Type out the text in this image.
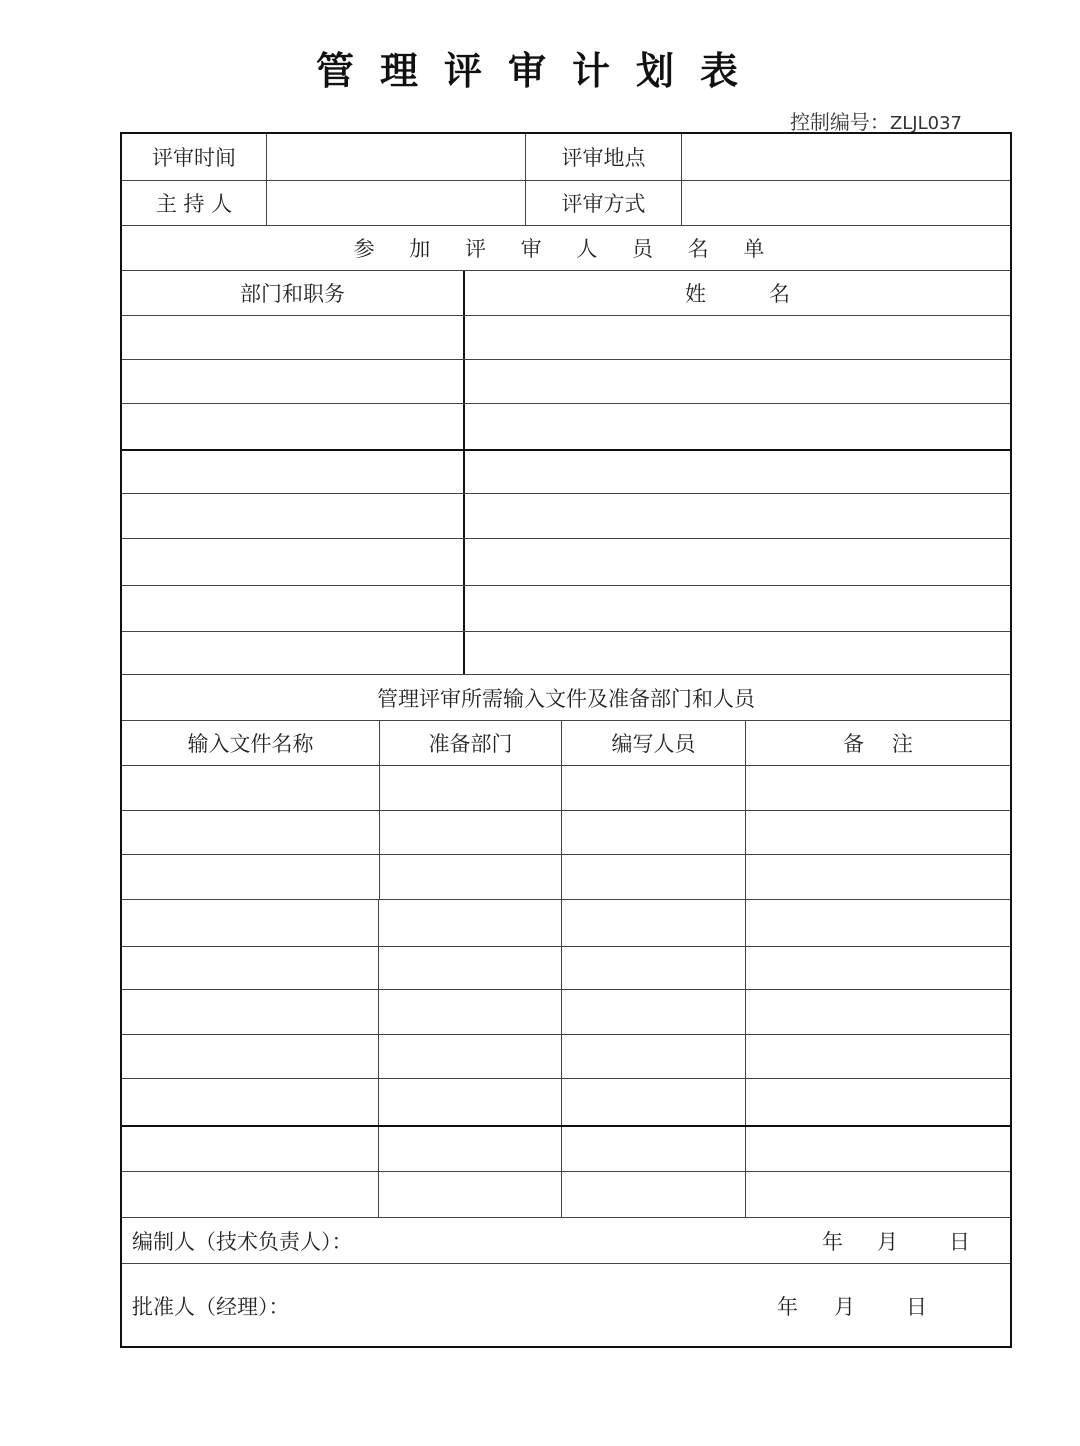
管理评审计划表
控制编号：ZLJL037
评审时间	评审地点
主 持 人	评审方式
参 加 评 审 人 员 名 单
部门和职务	姓　　　名
管理评审所需输入文件及准备部门和人员
输入文件名称	准备部门	编写人员	备　 注
编制人（技术负责人）：	年 月 日
批准人（经理）：	年 月 日
